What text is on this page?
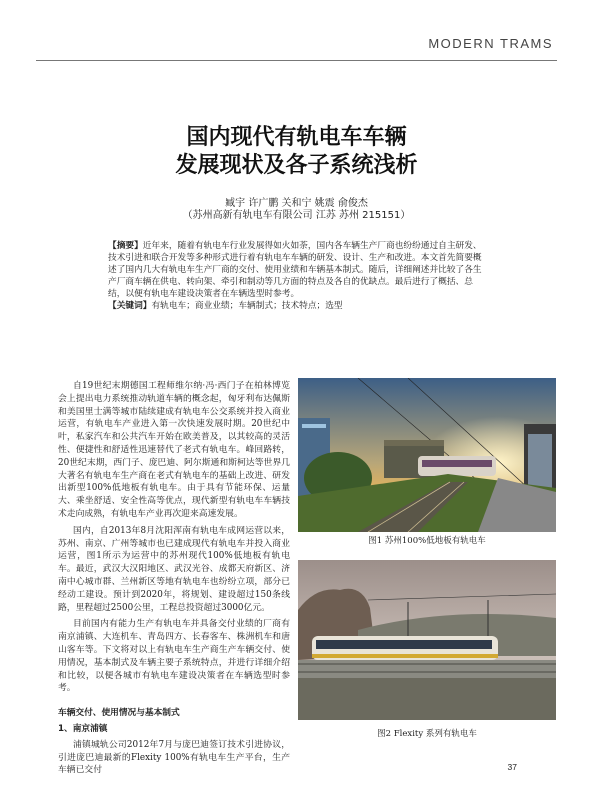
MODERN TRAMS
国内现代有轨电车车辆
发展现状及各子系统浅析
臧宇 许广鹏 关和宁 姚震 俞俊杰
（苏州高新有轨电车有限公司 江苏 苏州 215151）

【摘要】近年来，随着有轨电车行业发展得如火如荼，国内各车辆生产厂商也纷纷通过自主研发、技术引进和联合开发等多种形式进行着有轨电车车辆的研发、设计、生产和改进。本文首先简要概述了国内几大有轨电车生产厂商的交付、使用业绩和车辆基本制式。随后，详细阐述并比较了各生产厂商车辆在供电、转向架、牵引和制动等几方面的特点及各自的优缺点。最后进行了概括、总结，以便有轨电车建设决策者在车辆选型时参考。

【关键词】有轨电车；商业业绩；车辆制式；技术特点；选型

自19世纪末期德国工程师维尔纳·冯·西门子在柏林博览会上提出电力系统推动轨道车辆的概念起，匈牙利布达佩斯和美国里士满等城市陆续建成有轨电车公交系统并投入商业运营，有轨电车产业进入第一次快速发展时期。20世纪中叶，私家汽车和公共汽车开始在欧美普及，以其较高的灵活性、便捷性和舒适性迅速替代了老式有轨电车。峰回路转，20世纪末期，西门子、庞巴迪、阿尔斯通和斯柯达等世界几大著名有轨电车生产商在老式有轨电车的基础上改进、研发出新型100%低地板有轨电车。由于具有节能环保、运量大、乘坐舒适、安全性高等优点，现代新型有轨电车车辆技术走向成熟，有轨电车产业再次迎来高速发展。

国内，自2013年8月沈阳浑南有轨电车成网运营以来，苏州、南京、广州等城市也已建成现代有轨电车并投入商业运营，图1所示为运营中的苏州现代100%低地板有轨电车。最近，武汉大汉阳地区、武汉光谷、成都天府新区、济南中心城市群、兰州新区等地有轨电车也纷纷立项，部分已经动工建设。预计到2020年，将规划、建设超过150条线路，里程超过2500公里，工程总投资超过3000亿元。

目前国内有能力生产有轨电车并具备交付业绩的厂商有南京浦镇、大连机车、青岛四方、长春客车、株洲机车和唐山客车等。下文将对以上有轨电车生产商生产车辆交付、使用情况，基本制式及车辆主要子系统特点，并进行详细介绍和比较，以便各城市有轨电车建设决策者在车辆选型时参考。

车辆交付、使用情况与基本制式
1、南京浦镇

浦镇城轨公司2012年7月与庞巴迪签订技术引进协议，引进庞巴迪最新的Flexity 100%有轨电车生产平台，生产车辆已交付

图1 苏州100%低地板有轨电车
图2 Flexity 系列有轨电车
37
